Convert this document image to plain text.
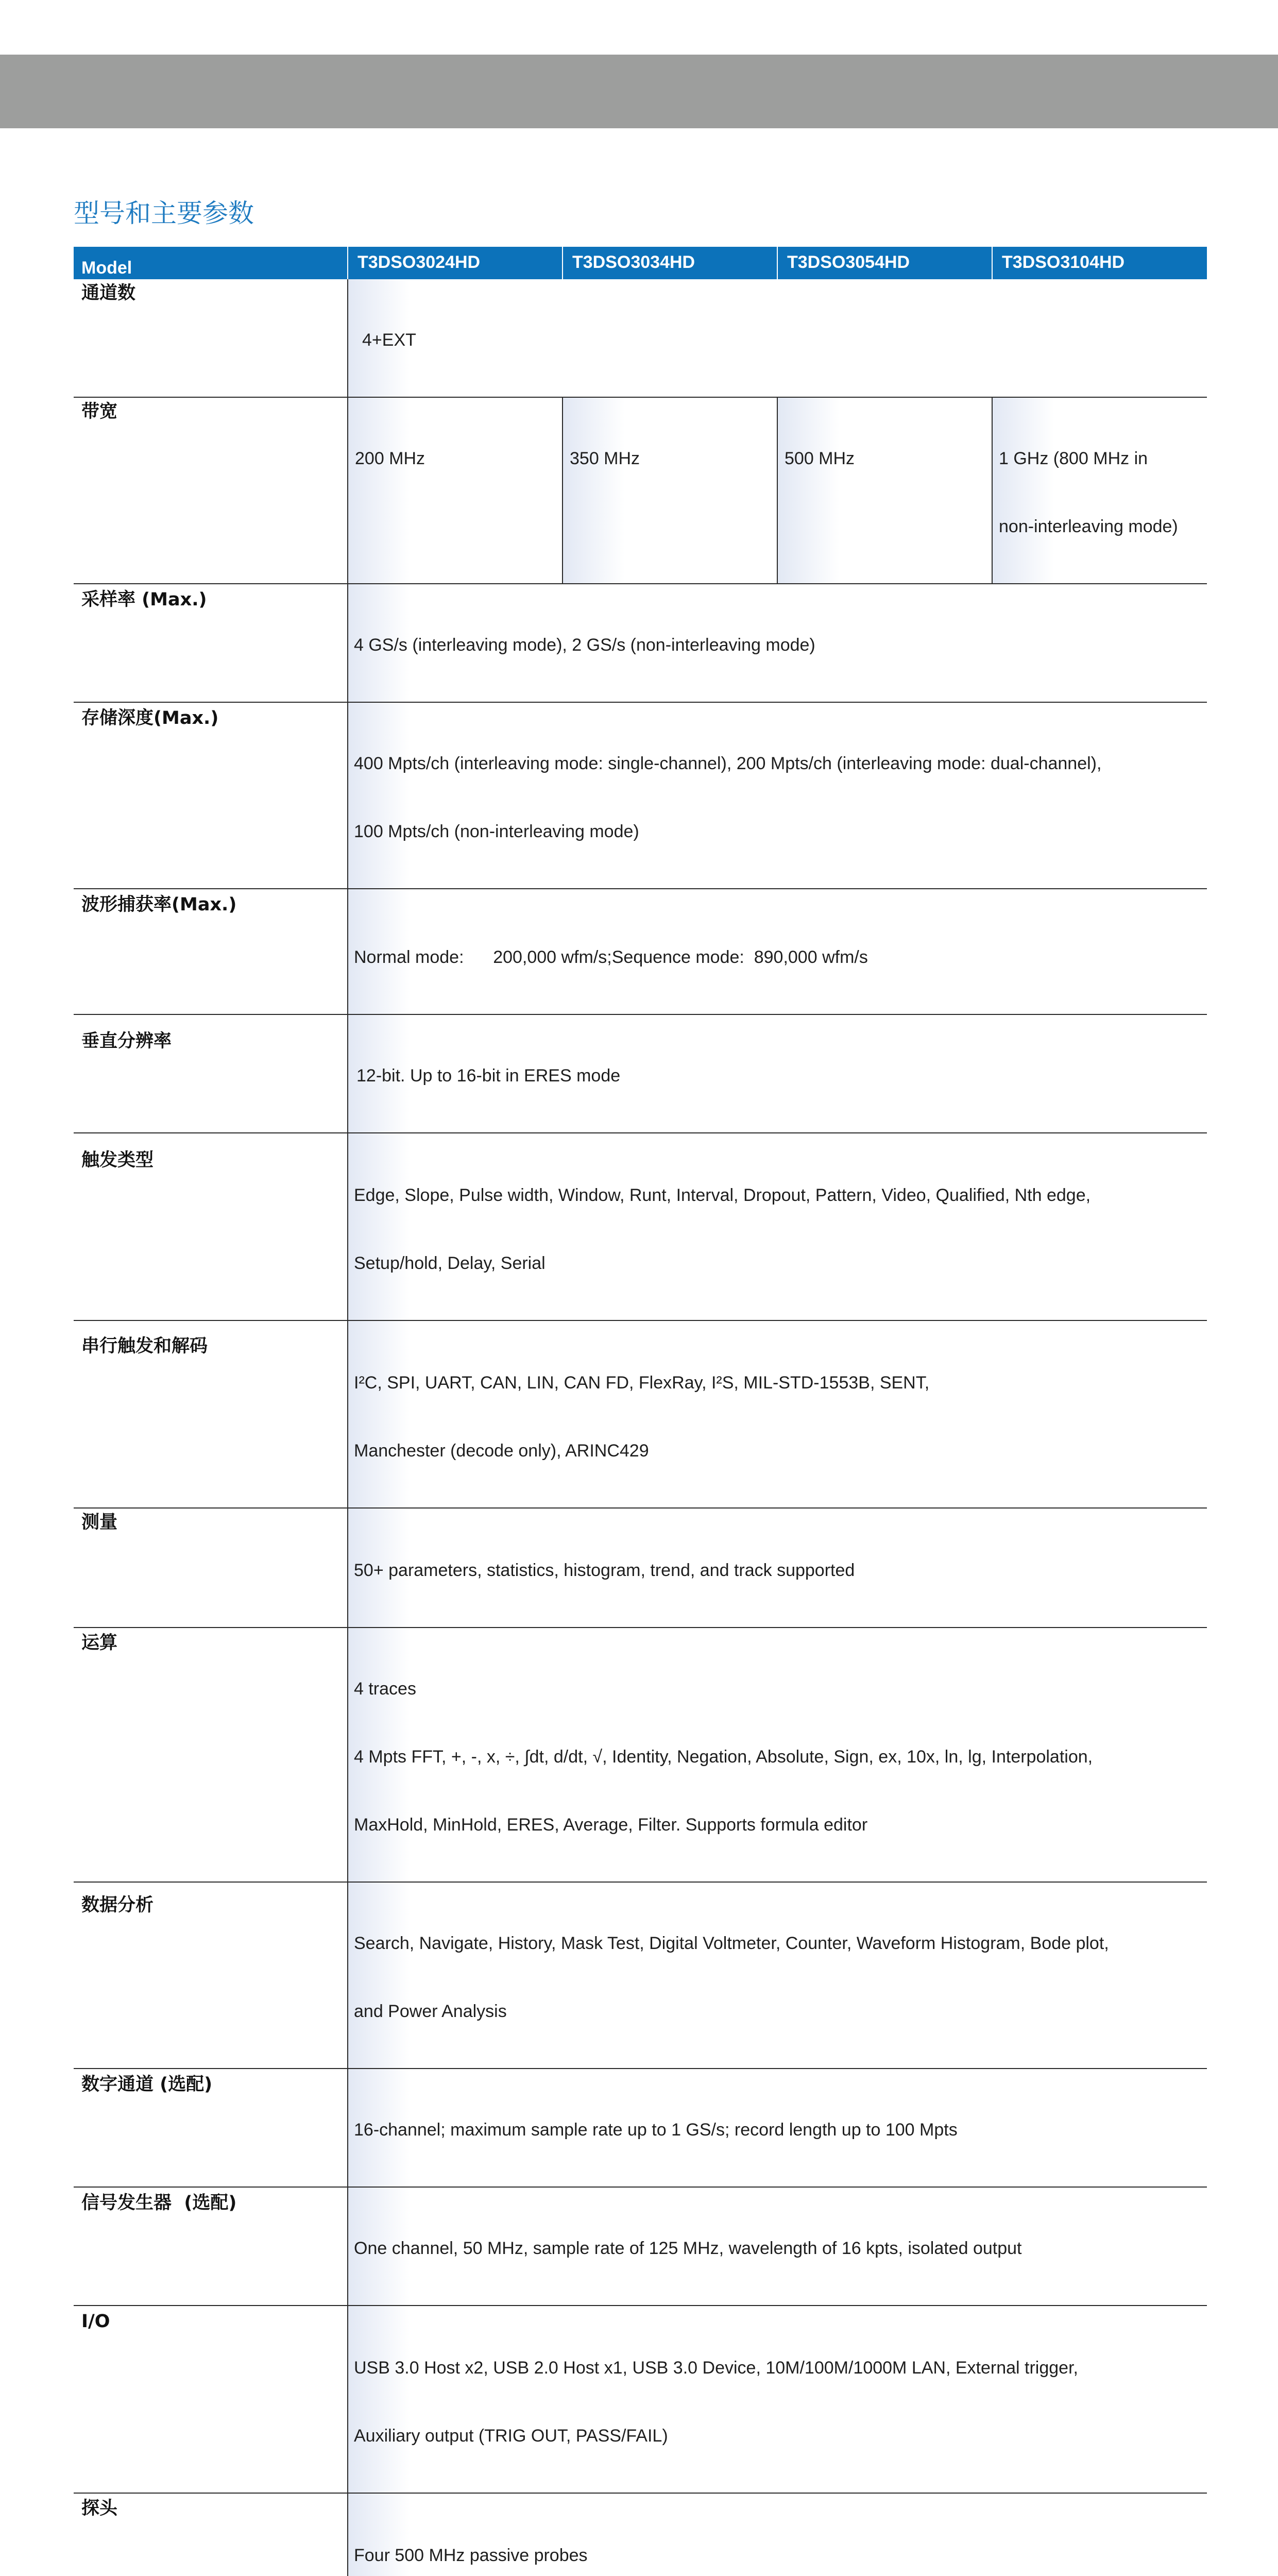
型号和主要参数
Model	T3DSO3024HD	T3DSO3034HD	T3DSO3054HD	T3DSO3104HD
通道数	4+EXT			

带宽	200 MHz	350 MHz	500 MHz	1 GHz (800 MHz in

non-interleaving mode)

采样率 (Max.)	4 GS/s (interleaving mode), 2 GS/s (non-interleaving mode)			

存储深度(Max.)	400 Mpts/ch (interleaving mode: single-channel), 200 Mpts/ch (interleaving mode: dual-channel),

100 Mpts/ch (non-interleaving mode)			

波形捕获率(Max.)	Normal mode:      200,000 wfm/s;Sequence mode:  890,000 wfm/s			

垂直分辨率	12-bit. Up to 16-bit in ERES mode			

触发类型	Edge, Slope, Pulse width, Window, Runt, Interval, Dropout, Pattern, Video, Qualified, Nth edge,

Setup/hold, Delay, Serial			

串行触发和解码	I²C, SPI, UART, CAN, LIN, CAN FD, FlexRay, I²S, MIL-STD-1553B, SENT,

Manchester (decode only), ARINC429			

测量	50+ parameters, statistics, histogram, trend, and track supported			

运算	4 traces

4 Mpts FFT, +, -, x, ÷, ∫dt, d/dt, √, Identity, Negation, Absolute, Sign, ex, 10x, ln, lg, Interpolation,

MaxHold, MinHold, ERES, Average, Filter. Supports formula editor			

数据分析	Search, Navigate, History, Mask Test, Digital Voltmeter, Counter, Waveform Histogram, Bode plot,

and Power Analysis			

数字通道 (选配)	16-channel; maximum sample rate up to 1 GS/s; record length up to 100 Mpts			

信号发生器  (选配)	One channel, 50 MHz, sample rate of 125 MHz, wavelength of 16 kpts, isolated output			

I/O	USB 3.0 Host x2, USB 2.0 Host x1, USB 3.0 Device, 10M/100M/1000M LAN, External trigger,

Auxiliary output (TRIG OUT, PASS/FAIL)			

探头	Four 500 MHz passive probes			
